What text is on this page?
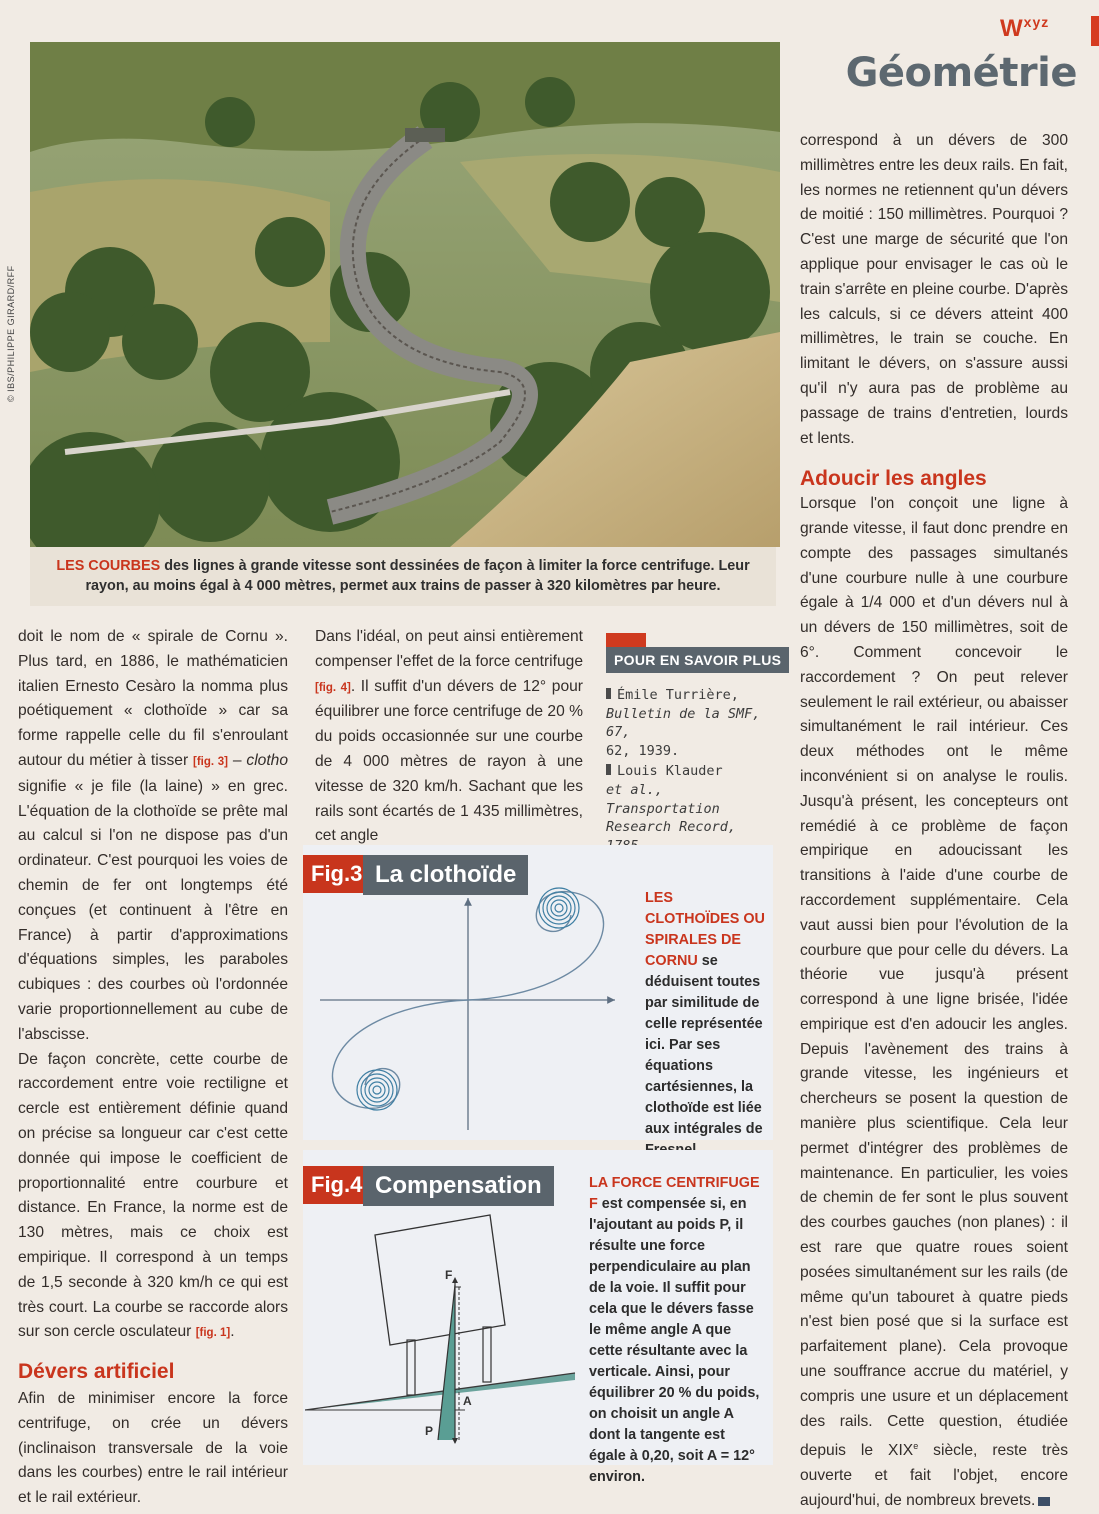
$W^{xyz}$
Géométrie
© IBS/PHILIPPE GIRARD/RFF
LES COURBES des lignes à grande vitesse sont dessinées de façon à limiter la force centrifuge. Leur rayon, au moins égal à 4 000 mètres, permet aux trains de passer à 320 kilomètres par heure.

doit le nom de « spirale de Cornu ». Plus tard, en 1886, le mathématicien italien Ernesto Cesàro la nomma plus poétiquement « clothoïde » car sa forme rappelle celle du fil s'enroulant autour du métier à tisser [fig. 3] – clotho signifie « je file (la laine) » en grec. L'équation de la clothoïde se prête mal au calcul si l'on ne dispose pas d'un ordinateur. C'est pourquoi les voies de chemin de fer ont longtemps été conçues (et continuent à l'être en France) à partir d'approximations d'équations simples, les paraboles cubiques : des courbes où l'ordonnée varie proportionnellement au cube de l'abscisse.

De façon concrète, cette courbe de raccordement entre voie rectiligne et cercle est entièrement définie quand on précise sa longueur car c'est cette donnée qui impose le coefficient de proportionnalité entre courbure et distance. En France, la norme est de 130 mètres, mais ce choix est empirique. Il correspond à un temps de 1,5 seconde à 320 km/h ce qui est très court. La courbe se raccorde alors sur son cercle osculateur [fig. 1].

Dévers artificiel

Afin de minimiser encore la force centrifuge, on crée un dévers (inclinaison transversale de la voie dans les courbes) entre le rail intérieur et le rail extérieur.

Dans l'idéal, on peut ainsi entièrement compenser l'effet de la force centrifuge [fig. 4]. Il suffit d'un dévers de 12° pour équilibrer une force centrifuge de 20 % du poids occasionnée sur une courbe de 4 000 mètres de rayon à une vitesse de 320 km/h. Sachant que les rails sont écartés de 1 435 millimètres, cet angle

POUR EN SAVOIR PLUS
Émile Turrière,
Bulletin de la SMF, 67,
62, 1939.
Louis Klauder
et al., Transportation Research Record,

Fig.3 La clothoïde
LES CLOTHOÏDES OU SPIRALES DE CORNU se déduisent toutes par similitude de celle représentée ici. Par ses équations cartésiennes, la clothoïde est liée aux intégrales de
Fig.4 Compensation
F
A
P
LA FORCE CENTRIFUGE F est compensée si, en l'ajoutant au poids P, il résulte une force perpendiculaire au plan de la voie. Il suffit pour cela que le dévers fasse le même angle A que cette résultante avec la verticale. Ainsi, pour équilibrer 20 % du poids, on choisit un angle A dont la tangente est égale à 0,20, soit A = 12° environ.

correspond à un dévers de 300 millimètres entre les deux rails. En fait, les normes ne retiennent qu'un dévers de moitié : 150 millimètres. Pourquoi ? C'est une marge de sécurité que l'on applique pour envisager le cas où le train s'arrête en pleine courbe. D'après les calculs, si ce dévers atteint 400 millimètres, le train se couche. En limitant le dévers, on s'assure aussi qu'il n'y aura pas de problème au passage de trains d'entretien, lourds et lents.

Adoucir les angles

Lorsque l'on conçoit une ligne à grande vitesse, il faut donc prendre en compte des passages simultanés d'une courbure nulle à une courbure égale à 1/4 000 et d'un dévers nul à un dévers de 150 millimètres, soit de 6°. Comment concevoir le raccordement ? On peut relever seulement le rail extérieur, ou abaisser simultanément le rail intérieur. Ces deux méthodes ont le même inconvénient si on analyse le roulis. Jusqu'à présent, les concepteurs ont remédié à ce problème de façon empirique en adoucissant les transitions à l'aide d'une courbe de raccordement supplémentaire. Cela vaut aussi bien pour l'évolution de la courbure que pour celle du dévers. La théorie vue jusqu'à présent correspond à une ligne brisée, l'idée empirique est d'en adoucir les angles. Depuis l'avènement des trains à grande vitesse, les ingénieurs et chercheurs se posent la question de manière plus scientifique. Cela leur permet d'intégrer des problèmes de maintenance. En particulier, les voies de chemin de fer sont le plus souvent des courbes gauches (non planes) : il est rare que quatre roues soient posées simultanément sur les rails (de même qu'un tabouret à quatre pieds n'est bien posé que si la surface est parfaitement plane). Cela provoque une souffrance accrue du matériel, y compris une usure et un déplacement des rails. Cette question, étudiée depuis le XIXe siècle, reste très ouverte et fait l'objet, encore aujourd'hui, de nombreux brevets.
